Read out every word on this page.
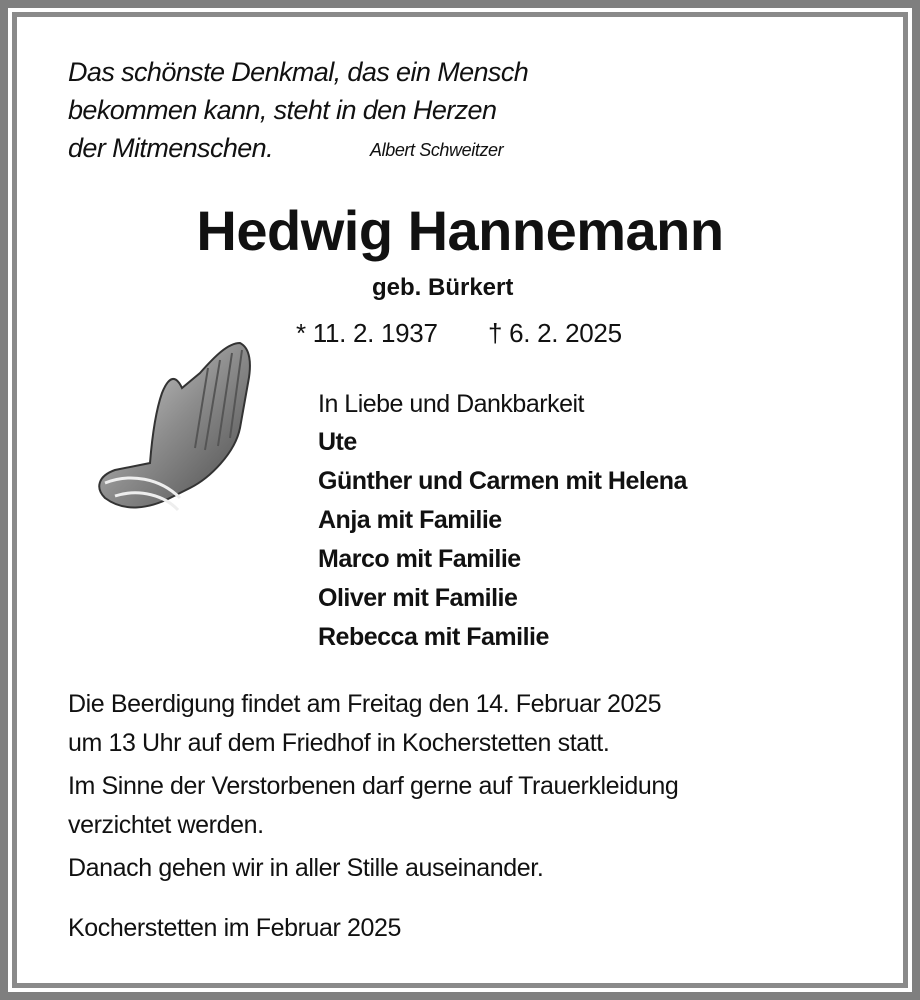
Das schönste Denkmal, das ein Mensch
bekommen kann, steht in den Herzen
der Mitmenschen.	Albert Schweitzer
Hedwig Hannemann
geb. Bürkert
* 11. 2. 1937 † 6. 2. 2025
In Liebe und Dankbarkeit
Ute
Günther und Carmen mit Helena
Anja mit Familie
Marco mit Familie
Oliver mit Familie
Rebecca mit Familie
Die Beerdigung findet am Freitag den 14. Februar 2025
um 13 Uhr auf dem Friedhof in Kocherstetten statt.
Im Sinne der Verstorbenen darf gerne auf Trauerkleidung
verzichtet werden.
Danach gehen wir in aller Stille auseinander.
Kocherstetten im Februar 2025
